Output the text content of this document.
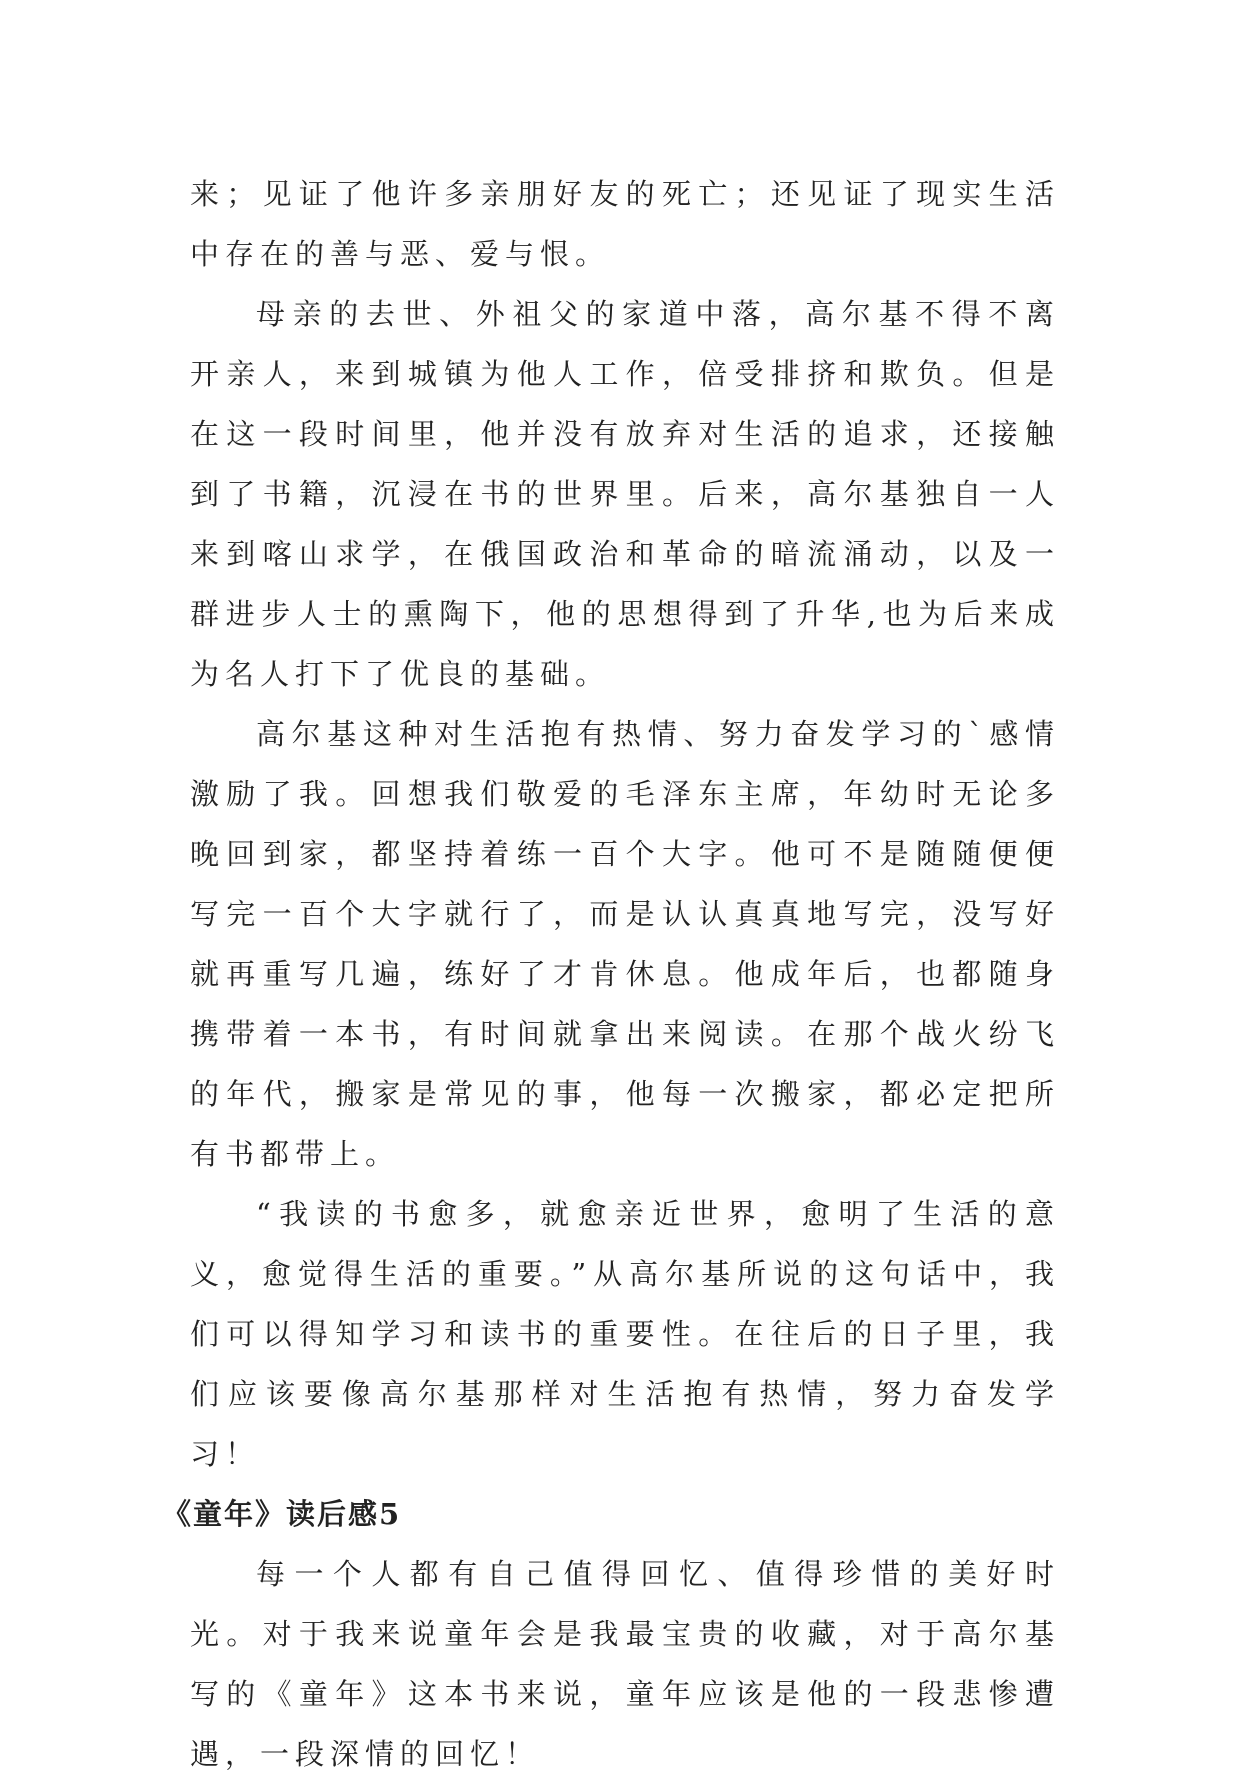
来；见证了他许多亲朋好友的死亡；还见证了现实生活中存在的善与恶、爱与恨。

母亲的去世、外祖父的家道中落，高尔基不得不离开亲人，来到城镇为他人工作，倍受排挤和欺负。但是在这一段时间里，他并没有放弃对生活的追求，还接触到了书籍，沉浸在书的世界里。后来，高尔基独自一人来到喀山求学，在俄国政治和革命的暗流涌动，以及一群进步人士的熏陶下，他的思想得到了升华,也为后来成为名人打下了优良的基础。

高尔基这种对生活抱有热情、努力奋发学习的`感情激励了我。回想我们敬爱的毛泽东主席，年幼时无论多晚回到家，都坚持着练一百个大字。他可不是随随便便写完一百个大字就行了，而是认认真真地写完，没写好就再重写几遍，练好了才肯休息。他成年后，也都随身携带着一本书，有时间就拿出来阅读。在那个战火纷飞的年代，搬家是常见的事，他每一次搬家，都必定把所有书都带上。

“我读的书愈多，就愈亲近世界，愈明了生活的意义，愈觉得生活的重要。”从高尔基所说的这句话中，我们可以得知学习和读书的重要性。在往后的日子里，我们应该要像高尔基那样对生活抱有热情，努力奋发学习！

《童年》读后感5

每一个人都有自己值得回忆、值得珍惜的美好时光。对于我来说童年会是我最宝贵的收藏，对于高尔基写的《童年》这本书来说，童年应该是他的一段悲惨遭遇，一段深情的回忆！
